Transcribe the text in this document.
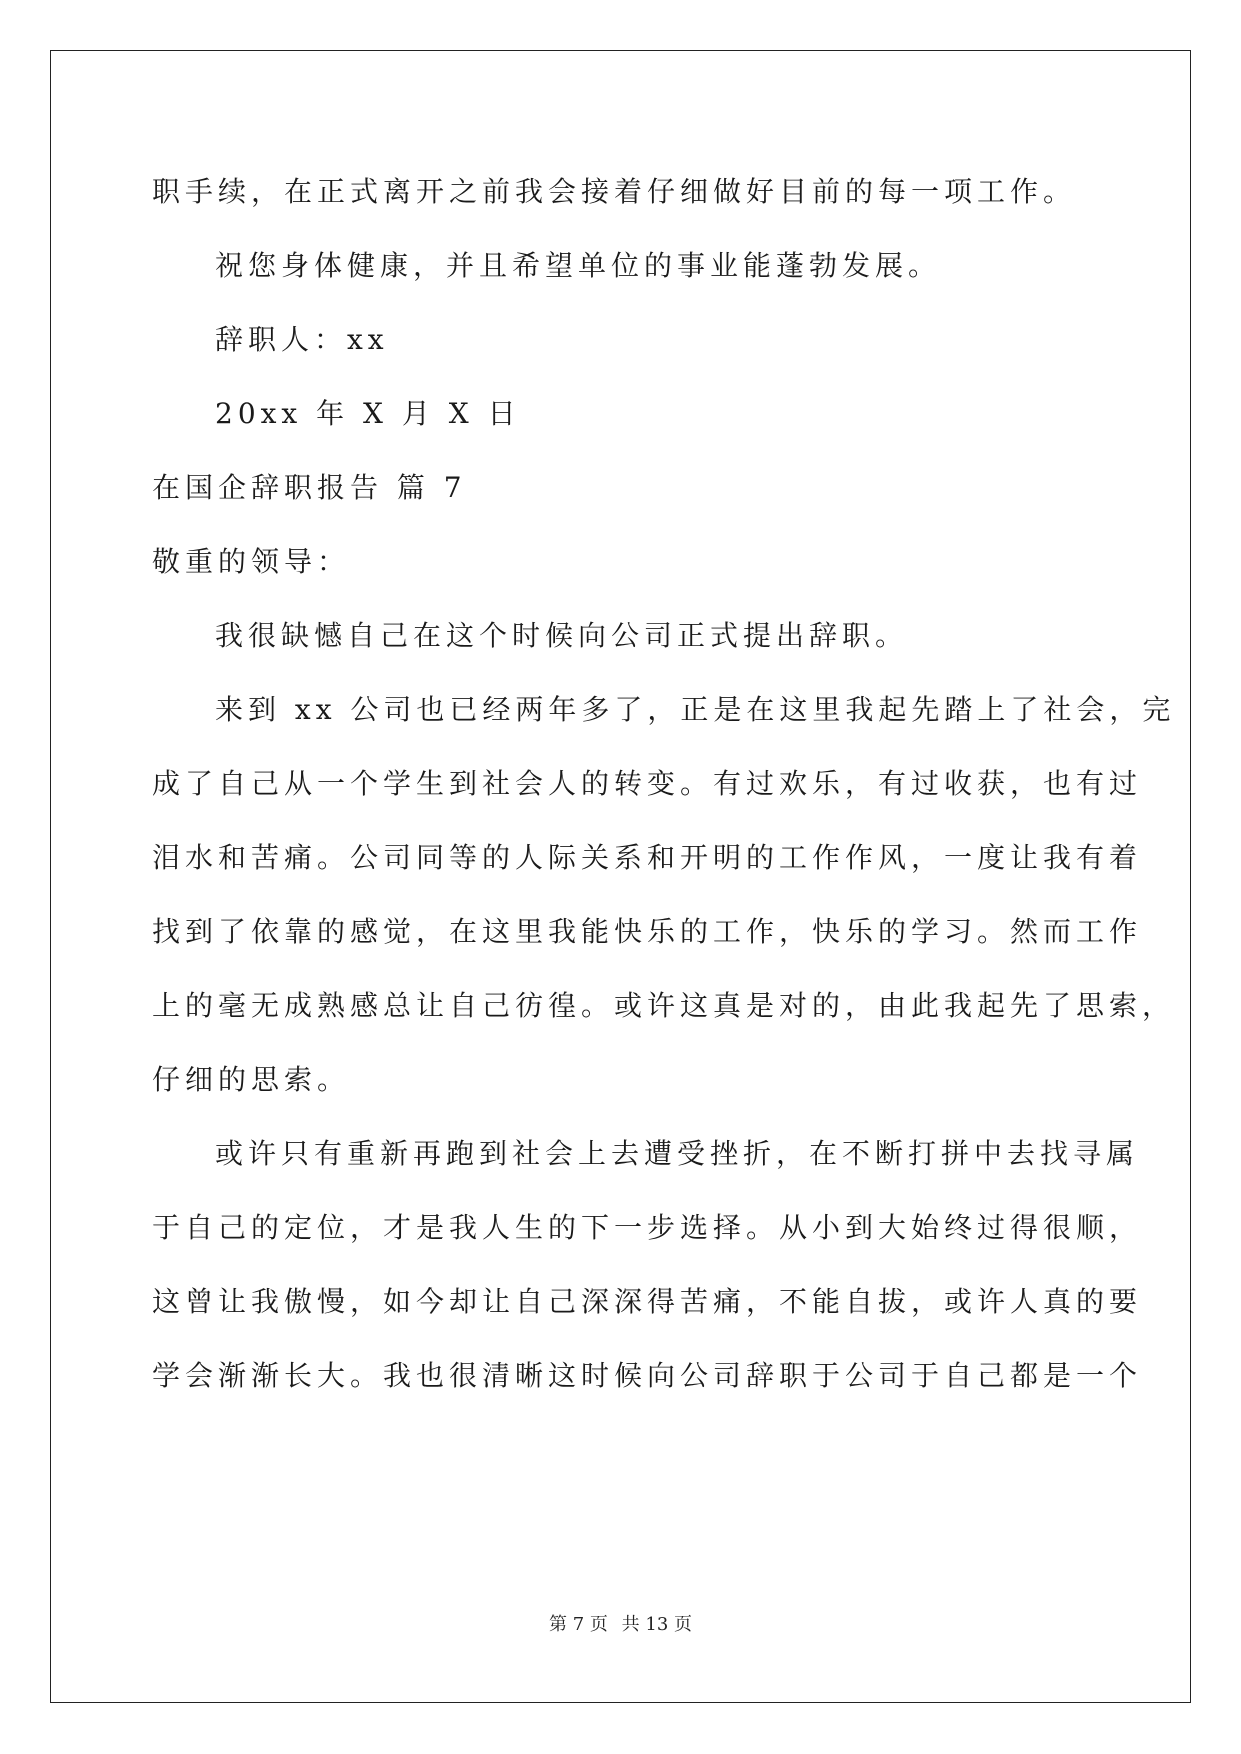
职手续，在正式离开之前我会接着仔细做好目前的每一项工作。
祝您身体健康，并且希望单位的事业能蓬勃发展。
辞职人：xx
20xx 年 X 月 X 日
在国企辞职报告 篇 7
敬重的领导：
我很缺憾自己在这个时候向公司正式提出辞职。
来到 xx 公司也已经两年多了，正是在这里我起先踏上了社会，完
成了自己从一个学生到社会人的转变。有过欢乐，有过收获，也有过
泪水和苦痛。公司同等的人际关系和开明的工作作风，一度让我有着
找到了依靠的感觉，在这里我能快乐的工作，快乐的学习。然而工作
上的毫无成熟感总让自己彷徨。或许这真是对的，由此我起先了思索，
仔细的思索。
或许只有重新再跑到社会上去遭受挫折，在不断打拼中去找寻属
于自己的定位，才是我人生的下一步选择。从小到大始终过得很顺，
这曾让我傲慢，如今却让自己深深得苦痛，不能自拔，或许人真的要
学会渐渐长大。我也很清晰这时候向公司辞职于公司于自己都是一个
第 7 页 共 13 页
